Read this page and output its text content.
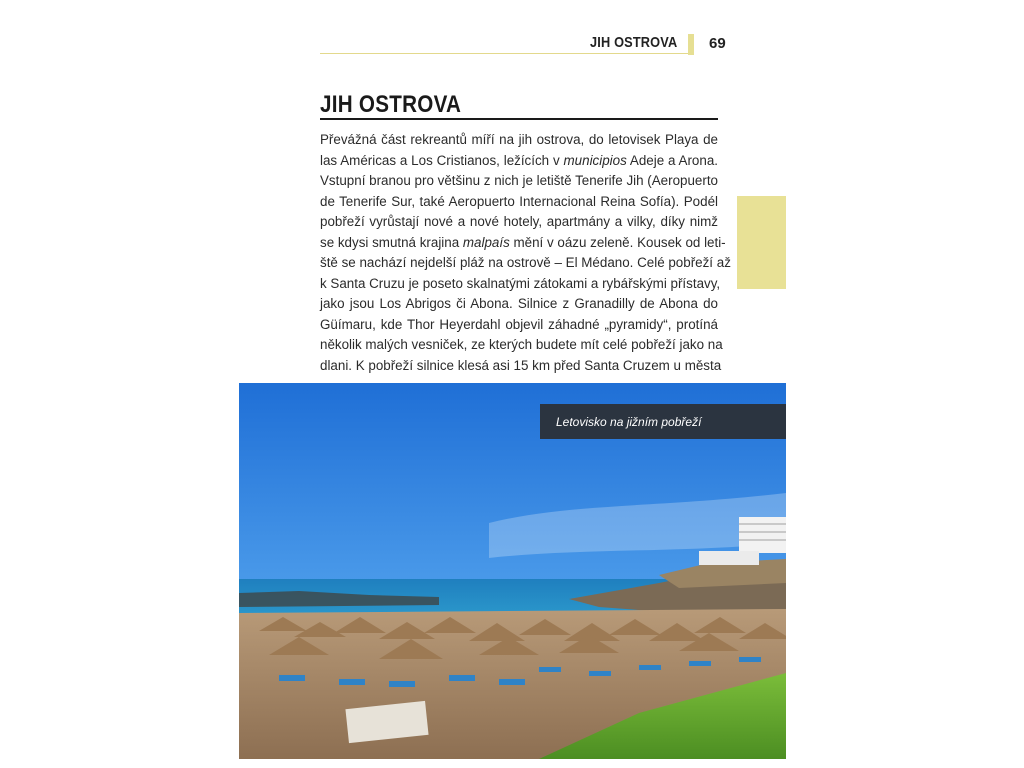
JIH OSTROVA 69
JIH OSTROVA
Převážná část rekreantů míří na jih ostrova, do letovisek Playa de
las Américas a Los Cristianos, ležících v municipios Adeje a Arona.
Vstupní branou pro většinu z nich je letiště Tenerife Jih (Aeropuerto
de Tenerife Sur, také Aeropuerto Internacional Reina Sofía). Podél
pobřeží vyrůstají nové a nové hotely, apartmány a vilky, díky nimž
se kdysi smutná krajina malpaís mění v oázu zeleně. Kousek od leti-
ště se nachází nejdelší pláž na ostrově – El Médano. Celé pobřeží až
k Santa Cruzu je poseto skalnatými zátokami a rybářskými přístavy,
jako jsou Los Abrigos či Abona. Silnice z Granadilly de Abona do
Güímaru, kde Thor Heyerdahl objevil záhadné „pyramidy“, protíná
několik malých vesniček, ze kterých budete mít celé pobřeží jako na
dlani. K pobřeží silnice klesá asi 15 km před Santa Cruzem u města
Letovisko na jižním pobřeží
